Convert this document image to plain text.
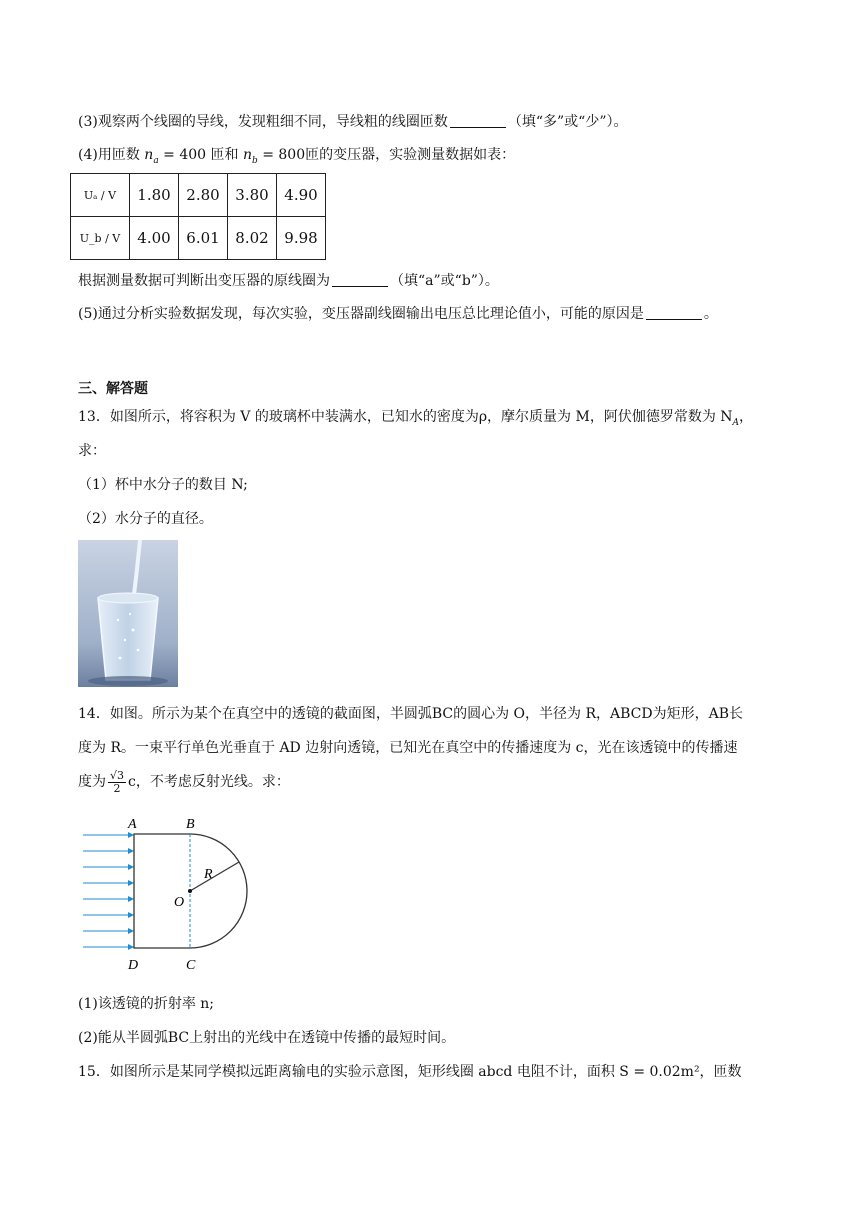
(3)观察两个线圈的导线，发现粗细不同，导线粗的线圈匝数	（填“多”或“少”）。
(4)用匝数 $n_a = 400$ 匝和 $n_b = 800$匝的变压器，实验测量数据如表：
Uₐ / V	1.80	2.80	3.80	4.90
U_b / V	4.00	6.01	8.02	9.98
根据测量数据可判断出变压器的原线圈为	（填“a”或“b”）。
(5)通过分析实验数据发现，每次实验，变压器副线圈输出电压总比理论值小，可能的原因是	。
三、解答题
13．如图所示，将容积为 V 的玻璃杯中装满水，已知水的密度为ρ，摩尔质量为 M，阿伏伽德罗常数为 $N_A$，
求：
（1）杯中水分子的数目 N;
（2）水分子的直径。
14．如图。所示为某个在真空中的透镜的截面图，半圆弧BC的圆心为 O，半径为 R，ABCD为矩形，AB长
度为 R。一束平行单色光垂直于 AD 边射向透镜，已知光在真空中的传播速度为 c，光在该透镜中的传播速
度为 $\frac{√3}{2}$ c，不考虑反射光线。求：
A	B
D	C
O
R
(1)该透镜的折射率 n;
(2)能从半圆弧BC上射出的光线中在透镜中传播的最短时间。
15．如图所示是某同学模拟远距离输电的实验示意图，矩形线圈 abcd 电阻不计，面积 S = 0.02m²，匝数
